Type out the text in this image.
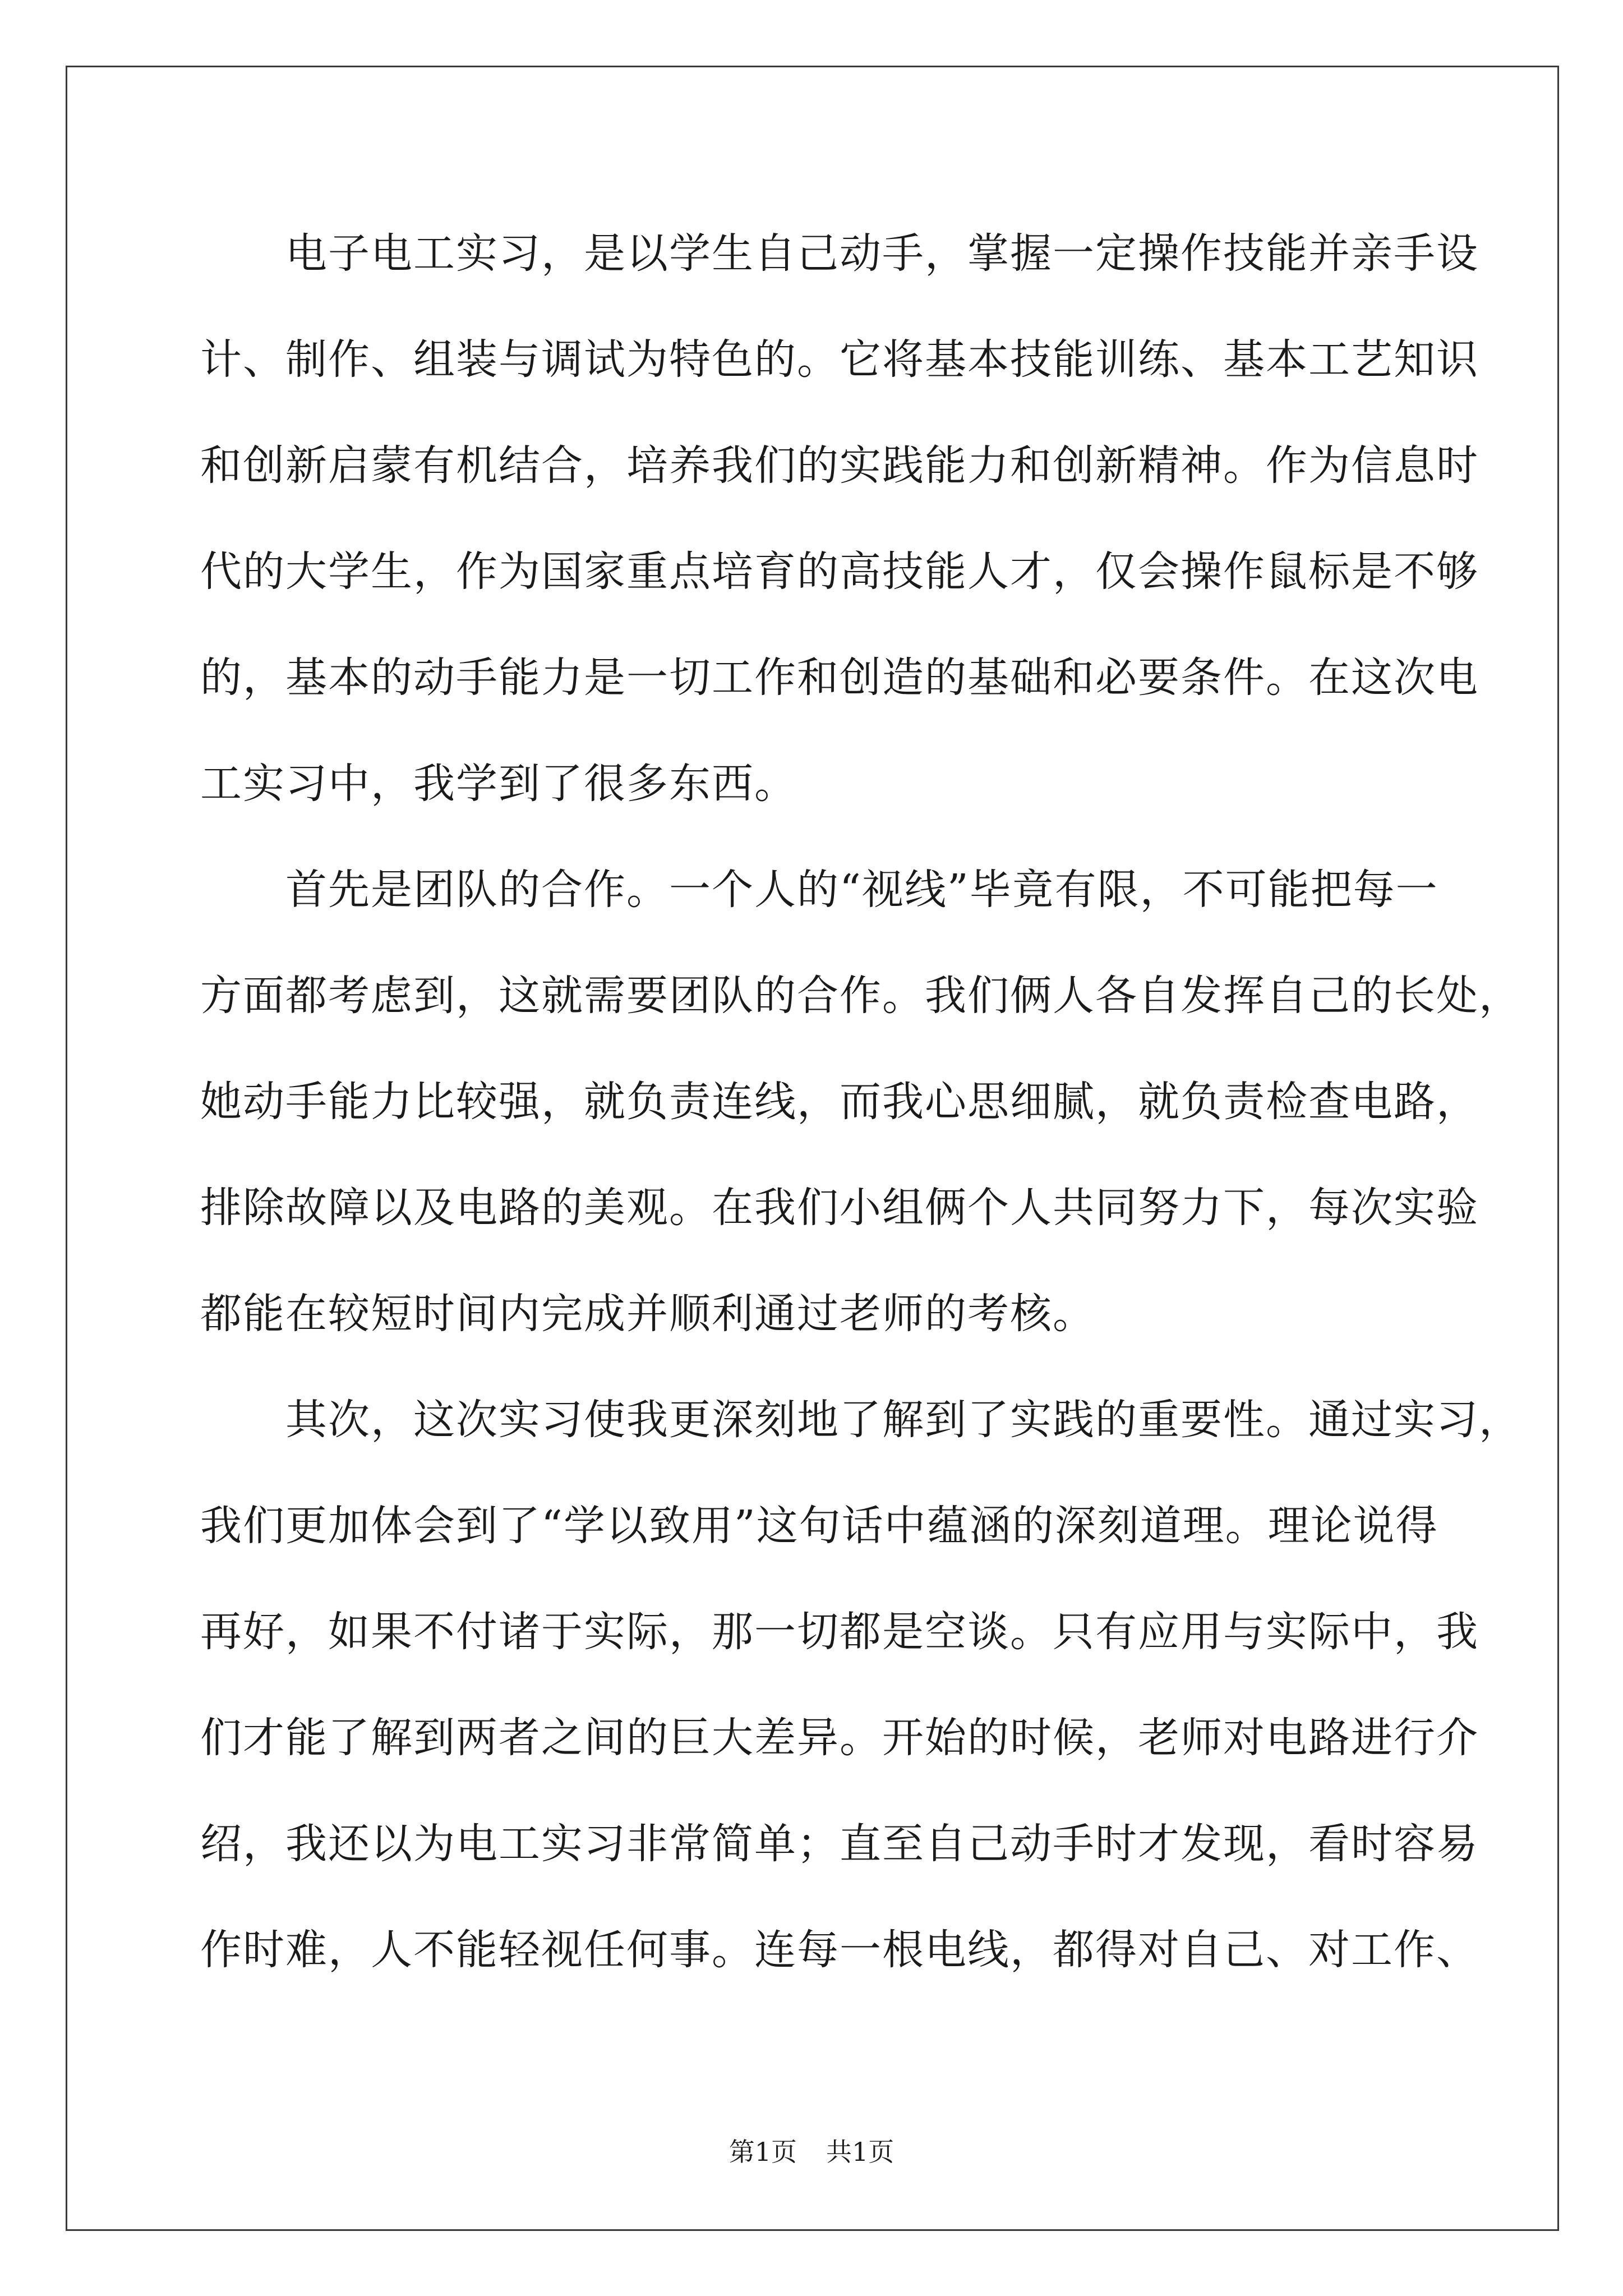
　　电子电工实习，是以学生自己动手，掌握一定操作技能并亲手设
计、制作、组装与调试为特色的。它将基本技能训练、基本工艺知识
和创新启蒙有机结合，培养我们的实践能力和创新精神。作为信息时
代的大学生，作为国家重点培育的高技能人才，仅会操作鼠标是不够
的，基本的动手能力是一切工作和创造的基础和必要条件。在这次电
工实习中，我学到了很多东西。
　　首先是团队的合作。一个人的“视线”毕竟有限，不可能把每一
方面都考虑到，这就需要团队的合作。我们俩人各自发挥自己的长处，
她动手能力比较强，就负责连线，而我心思细腻，就负责检查电路，
排除故障以及电路的美观。在我们小组俩个人共同努力下，每次实验
都能在较短时间内完成并顺利通过老师的考核。
　　其次，这次实习使我更深刻地了解到了实践的重要性。通过实习，
我们更加体会到了“学以致用”这句话中蕴涵的深刻道理。理论说得
再好，如果不付诸于实际，那一切都是空谈。只有应用与实际中，我
们才能了解到两者之间的巨大差异。开始的时候，老师对电路进行介
绍，我还以为电工实习非常简单；直至自己动手时才发现，看时容易
作时难，人不能轻视任何事。连每一根电线，都得对自己、对工作、
第1页 共1页
